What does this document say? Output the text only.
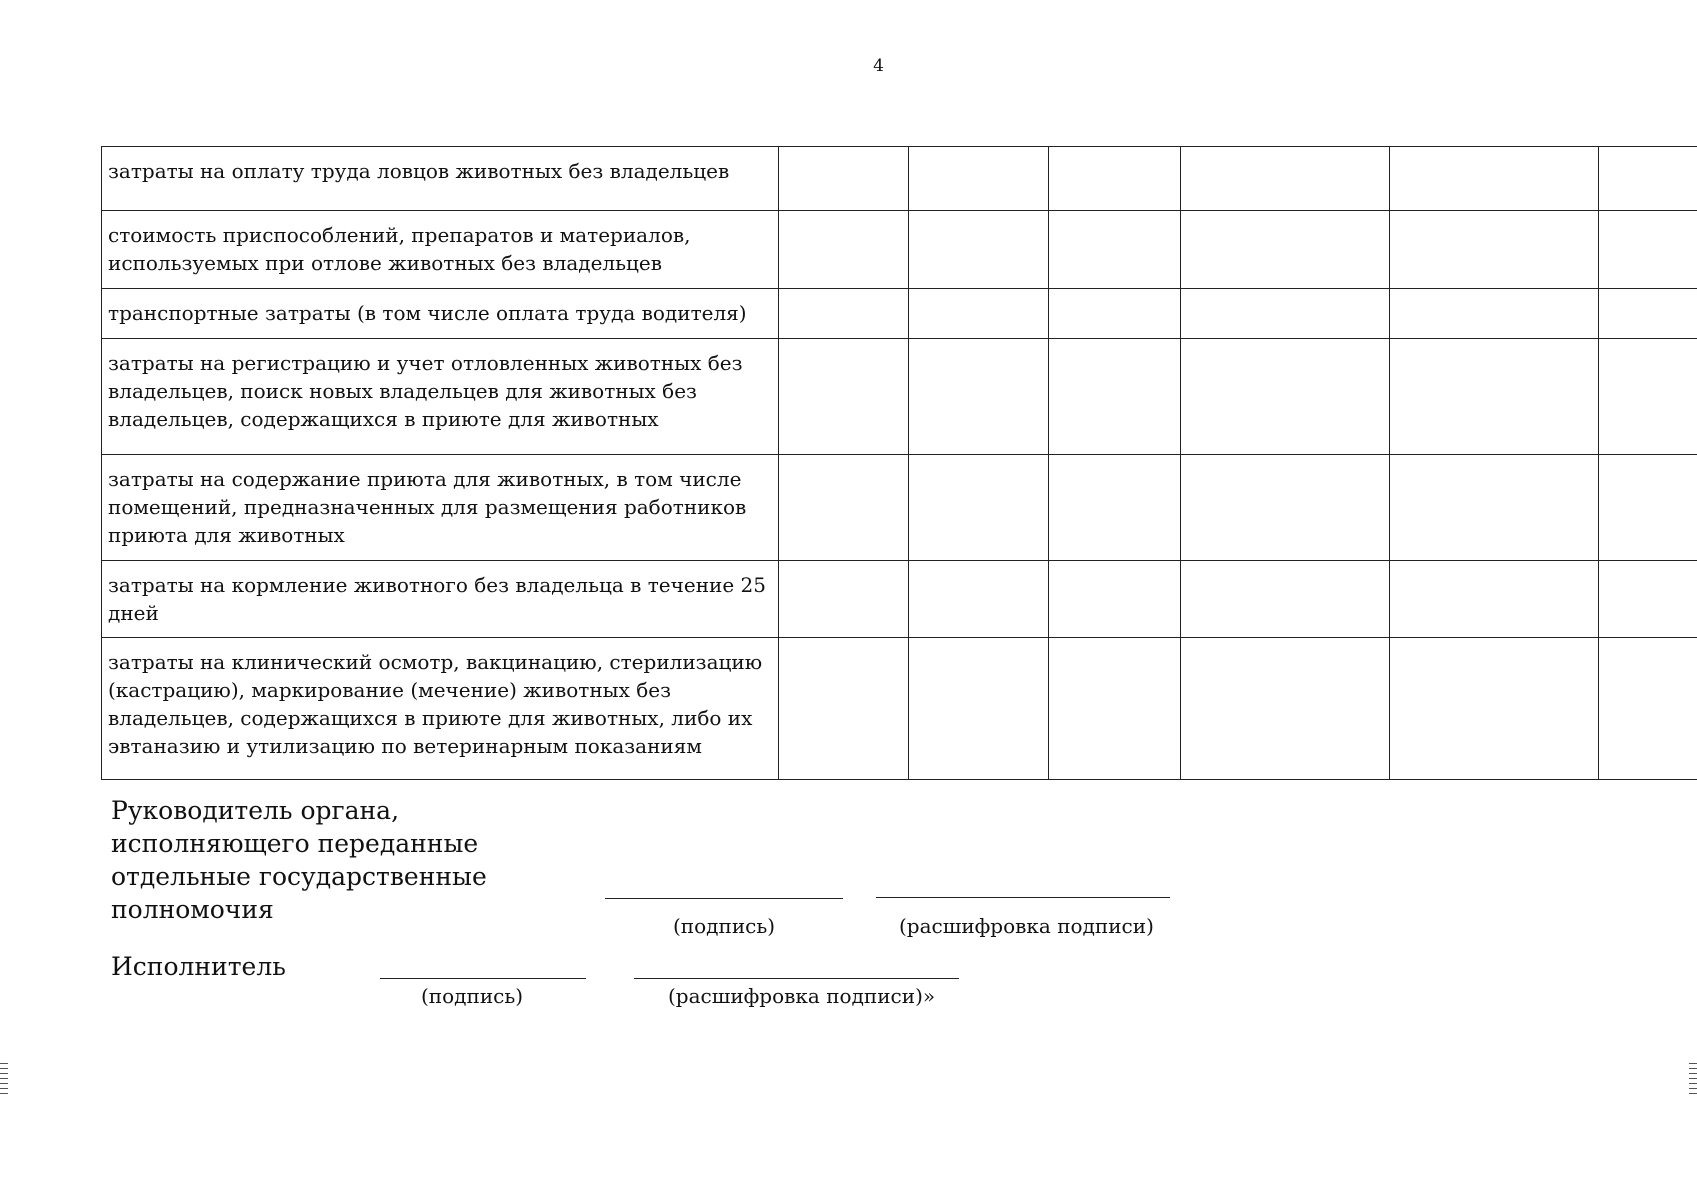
4
затраты на оплату труда ловцов животных без владельцев						
стоимость приспособлений, препаратов и материалов, используемых при отлове животных без владельцев						
транспортные затраты (в том числе оплата труда водителя)						
затраты на регистрацию и учет отловленных животных без владельцев, поиск новых владельцев для животных без владельцев, содержащихся в приюте для животных						
затраты на содержание приюта для животных, в том числе помещений, предназначенных для размещения работников приюта для животных						
затраты на кормление животного без владельца в течение 25 дней						
затраты на клинический осмотр, вакцинацию, стерилизацию (кастрацию), маркирование (мечение) животных без владельцев, содержащихся в приюте для животных, либо их эвтаназию и утилизацию по ветеринарным показаниям						
Руководитель органа, исполняющего переданные отдельные государственные полномочия
(подпись)	(расшифровка подписи)
Исполнитель
(подпись)	(расшифровка подписи)»
